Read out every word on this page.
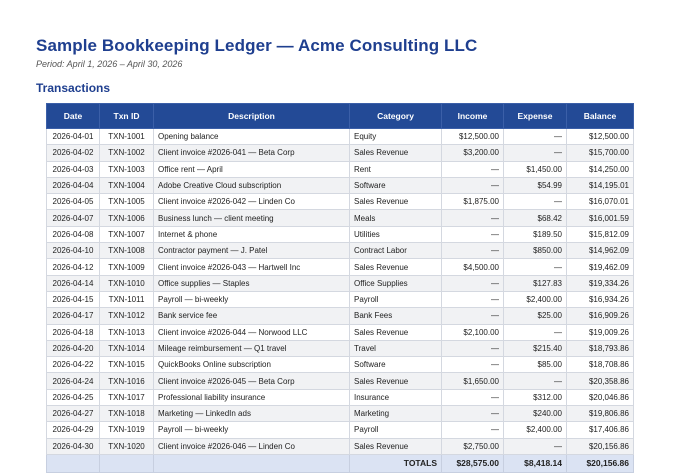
Sample Bookkeeping Ledger — Acme Consulting LLC
Period: April 1, 2026 – April 30, 2026
Transactions
Date	Txn ID	Description	Category	Income	Expense	Balance
2026-04-01	TXN-1001	Opening balance	Equity	$12,500.00	—	$12,500.00
2026-04-02	TXN-1002	Client invoice #2026-041 — Beta Corp	Sales Revenue	$3,200.00	—	$15,700.00
2026-04-03	TXN-1003	Office rent — April	Rent	—	$1,450.00	$14,250.00
2026-04-04	TXN-1004	Adobe Creative Cloud subscription	Software	—	$54.99	$14,195.01
2026-04-05	TXN-1005	Client invoice #2026-042 — Linden Co	Sales Revenue	$1,875.00	—	$16,070.01
2026-04-07	TXN-1006	Business lunch — client meeting	Meals	—	$68.42	$16,001.59
2026-04-08	TXN-1007	Internet & phone	Utilities	—	$189.50	$15,812.09
2026-04-10	TXN-1008	Contractor payment — J. Patel	Contract Labor	—	$850.00	$14,962.09
2026-04-12	TXN-1009	Client invoice #2026-043 — Hartwell Inc	Sales Revenue	$4,500.00	—	$19,462.09
2026-04-14	TXN-1010	Office supplies — Staples	Office Supplies	—	$127.83	$19,334.26
2026-04-15	TXN-1011	Payroll — bi-weekly	Payroll	—	$2,400.00	$16,934.26
2026-04-17	TXN-1012	Bank service fee	Bank Fees	—	$25.00	$16,909.26
2026-04-18	TXN-1013	Client invoice #2026-044 — Norwood LLC	Sales Revenue	$2,100.00	—	$19,009.26
2026-04-20	TXN-1014	Mileage reimbursement — Q1 travel	Travel	—	$215.40	$18,793.86
2026-04-22	TXN-1015	QuickBooks Online subscription	Software	—	$85.00	$18,708.86
2026-04-24	TXN-1016	Client invoice #2026-045 — Beta Corp	Sales Revenue	$1,650.00	—	$20,358.86
2026-04-25	TXN-1017	Professional liability insurance	Insurance	—	$312.00	$20,046.86
2026-04-27	TXN-1018	Marketing — LinkedIn ads	Marketing	—	$240.00	$19,806.86
2026-04-29	TXN-1019	Payroll — bi-weekly	Payroll	—	$2,400.00	$17,406.86
2026-04-30	TXN-1020	Client invoice #2026-046 — Linden Co	Sales Revenue	$2,750.00	—	$20,156.86
			TOTALS	$28,575.00	$8,418.14	$20,156.86
